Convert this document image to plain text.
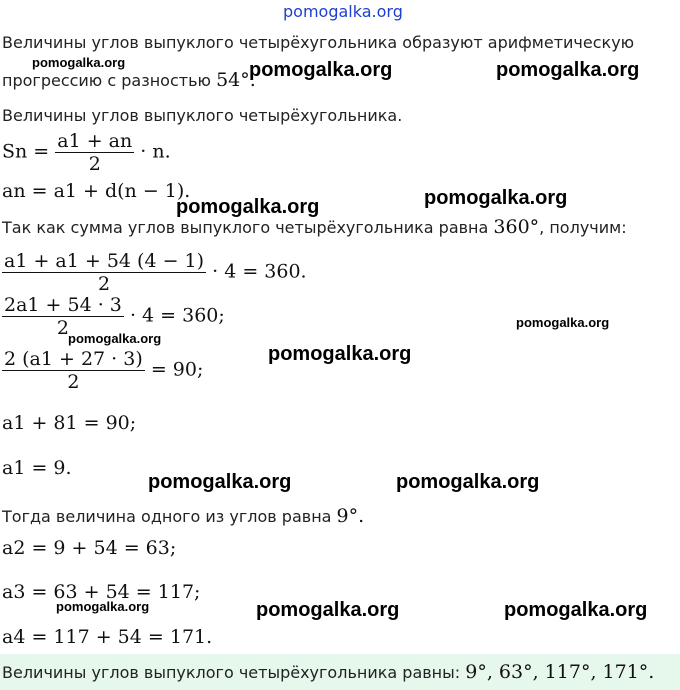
pomogalka.org
Величины углов выпуклого четырёхугольника образуют арифметическую
прогрессию с разностью 54°.
Величины углов выпуклого четырёхугольника.
$Sn = \frac{a1 + an}{2} \cdot n$.
an = a1 + d(n − 1).
Так как сумма углов выпуклого четырёхугольника равна 360°, получим:
$\frac{a1 + a1 + 54 (4 - 1)}{2} \cdot 4 = 360$.
$\frac{2a1 + 54 \cdot 3}{2} \cdot 4 = 360$;
$\frac{2 (a1 + 27 \cdot 3)}{2} = 90$;
a1 + 81 = 90;
a1 = 9.
Тогда величина одного из углов равна 9°.
a2 = 9 + 54 = 63;
a3 = 63 + 54 = 117;
a4 = 117 + 54 = 171.
Величины углов выпуклого четырёхугольника равны: 9°, 63°, 117°, 171°.
pomogalka.org	pomogalka.org	pomogalka.org
pomogalka.org
pomogalka.org
pomogalka.org
pomogalka.org
pomogalka.org
pomogalka.org	pomogalka.org
pomogalka.org	pomogalka.org	pomogalka.org
